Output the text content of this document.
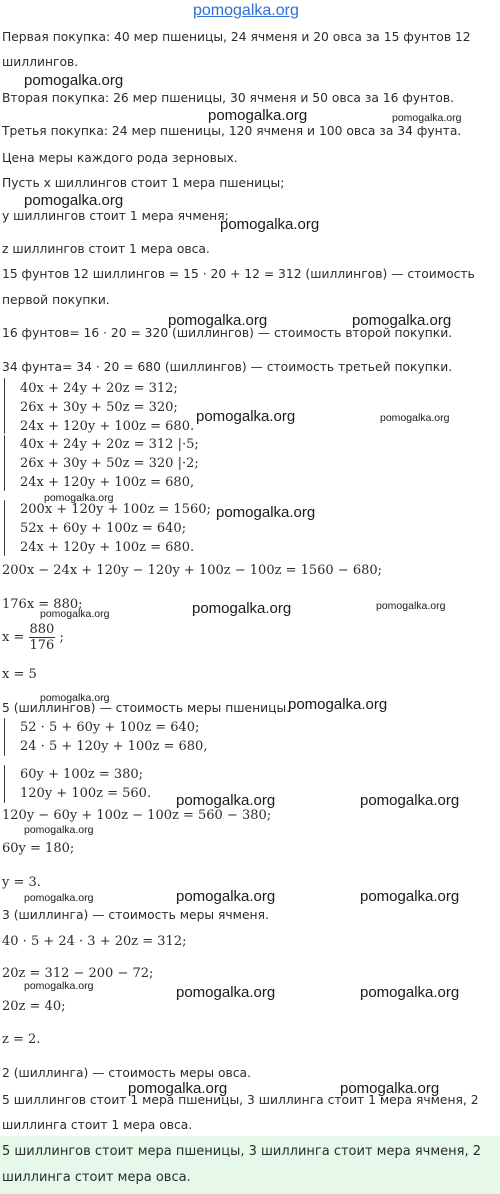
pomogalka.org
Первая покупка: 40 мер пшеницы, 24 ячменя и 20 овса за 15 фунтов 12
шиллингов.
Вторая покупка: 26 мер пшеницы, 30 ячменя и 50 овса за 16 фунтов.
Третья покупка: 24 мер пшеницы, 120 ячменя и 100 овса за 34 фунта.
Цена меры каждого рода зерновых.
Пусть x шиллингов стоит 1 мера пшеницы;
y шиллингов стоит 1 мера ячменя;
z шиллингов стоит 1 мера овса.
15 фунтов 12 шиллингов = 15 · 20 + 12 = 312 (шиллингов) — стоимость
первой покупки.
16 фунтов= 16 · 20 = 320 (шиллингов) — стоимость второй покупки.
34 фунта= 34 · 20 = 680 (шиллингов) — стоимость третьей покупки.
40x + 24y + 20z = 312;
26x + 30y + 50z = 320;
24x + 120y + 100z = 680.
40x + 24y + 20z = 312 |·5;
26x + 30y + 50z = 320 |·2;
24x + 120y + 100z = 680,
200x + 120y + 100z = 1560;
52x + 60y + 100z = 640;
24x + 120y + 100z = 680.
200x − 24x + 120y − 120y + 100z − 100z = 1560 − 680;
176x = 880;
$x = \frac{880}{176}$ ;
x = 5
5 (шиллингов) — стоимость меры пшеницы.
52 · 5 + 60y + 100z = 640;
24 · 5 + 120y + 100z = 680,
60y + 100z = 380;
120y + 100z = 560.
120y − 60y + 100z − 100z = 560 − 380;
60y = 180;
y = 3.
3 (шиллинга) — стоимость меры ячменя.
40 · 5 + 24 · 3 + 20z = 312;
20z = 312 − 200 − 72;
20z = 40;
z = 2.
2 (шиллинга) — стоимость меры овса.
5 шиллингов стоит 1 мера пшеницы, 3 шиллинга стоит 1 мера ячменя, 2
шиллинга стоит 1 мера овса.
5 шиллингов стоит мера пшеницы, 3 шиллинга стоит мера ячменя, 2
шиллинга стоит мера овса.
pomogalka.org
pomogalka.org	pomogalka.org
pomogalka.org
pomogalka.org
pomogalka.org	pomogalka.org
pomogalka.org	pomogalka.org
pomogalka.org
pomogalka.org
pomogalka.org	pomogalka.org
pomogalka.org
pomogalka.org	pomogalka.org
pomogalka.org	pomogalka.org
pomogalka.org
pomogalka.org	pomogalka.org	pomogalka.org
pomogalka.org	pomogalka.org	pomogalka.org
pomogalka.org	pomogalka.org
